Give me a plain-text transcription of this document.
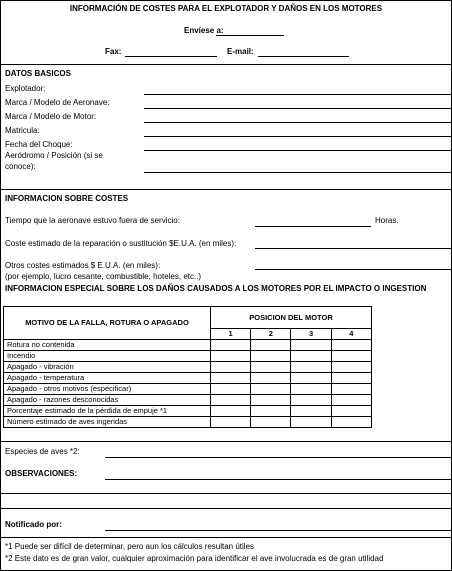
INFORMACIÓN DE COSTES PARA EL EXPLOTADOR Y DAÑOS EN LOS MOTORES
Envíese a:
Fax:	E-mail:
DATOS BASICOS
Explotador:
Marca / Modelo de Aeronave:
Marca / Modelo de Motor:
Matricula:
Fecha del Choque:
Aeródromo / Posición (si se
conoce):
INFORMACION SOBRE COSTES
Tiempo que la aeronave estuvo fuera de servicio:	Horas.
Coste estimado de la reparación o sustitución $E.U.A. (en miles):
Otros costes estimados $ E.U.A. (en miles):
(por ejemplo, lucro cesante, combustible, hoteles, etc..)
INFORMACION ESPECIAL SOBRE LOS DAÑOS CAUSADOS A LOS MOTORES POR EL IMPACTO O INGESTION
MOTIVO DE LA FALLA, ROTURA O APAGADO	POSICION DEL MOTOR			
	1	2	3	4
Rotura no contenida				
Incendio				
Apagado - vibración				
Apagado - temperatura				
Apagado - otros motivos (especificar)				
Apagado - razones desconocidas				
Porcentaje estimado de la pérdida de empuje *1				
Número estimado de aves ingeridas				
Especies de aves *2:
OBSERVACIONES:
Notificado por:
*1 Puede ser difícil de determinar, pero aun los cálculos resultan útiles
*2 Este dato es de gran valor, cualquier aproximación para identificar el ave involucrada es de gran utilidad
